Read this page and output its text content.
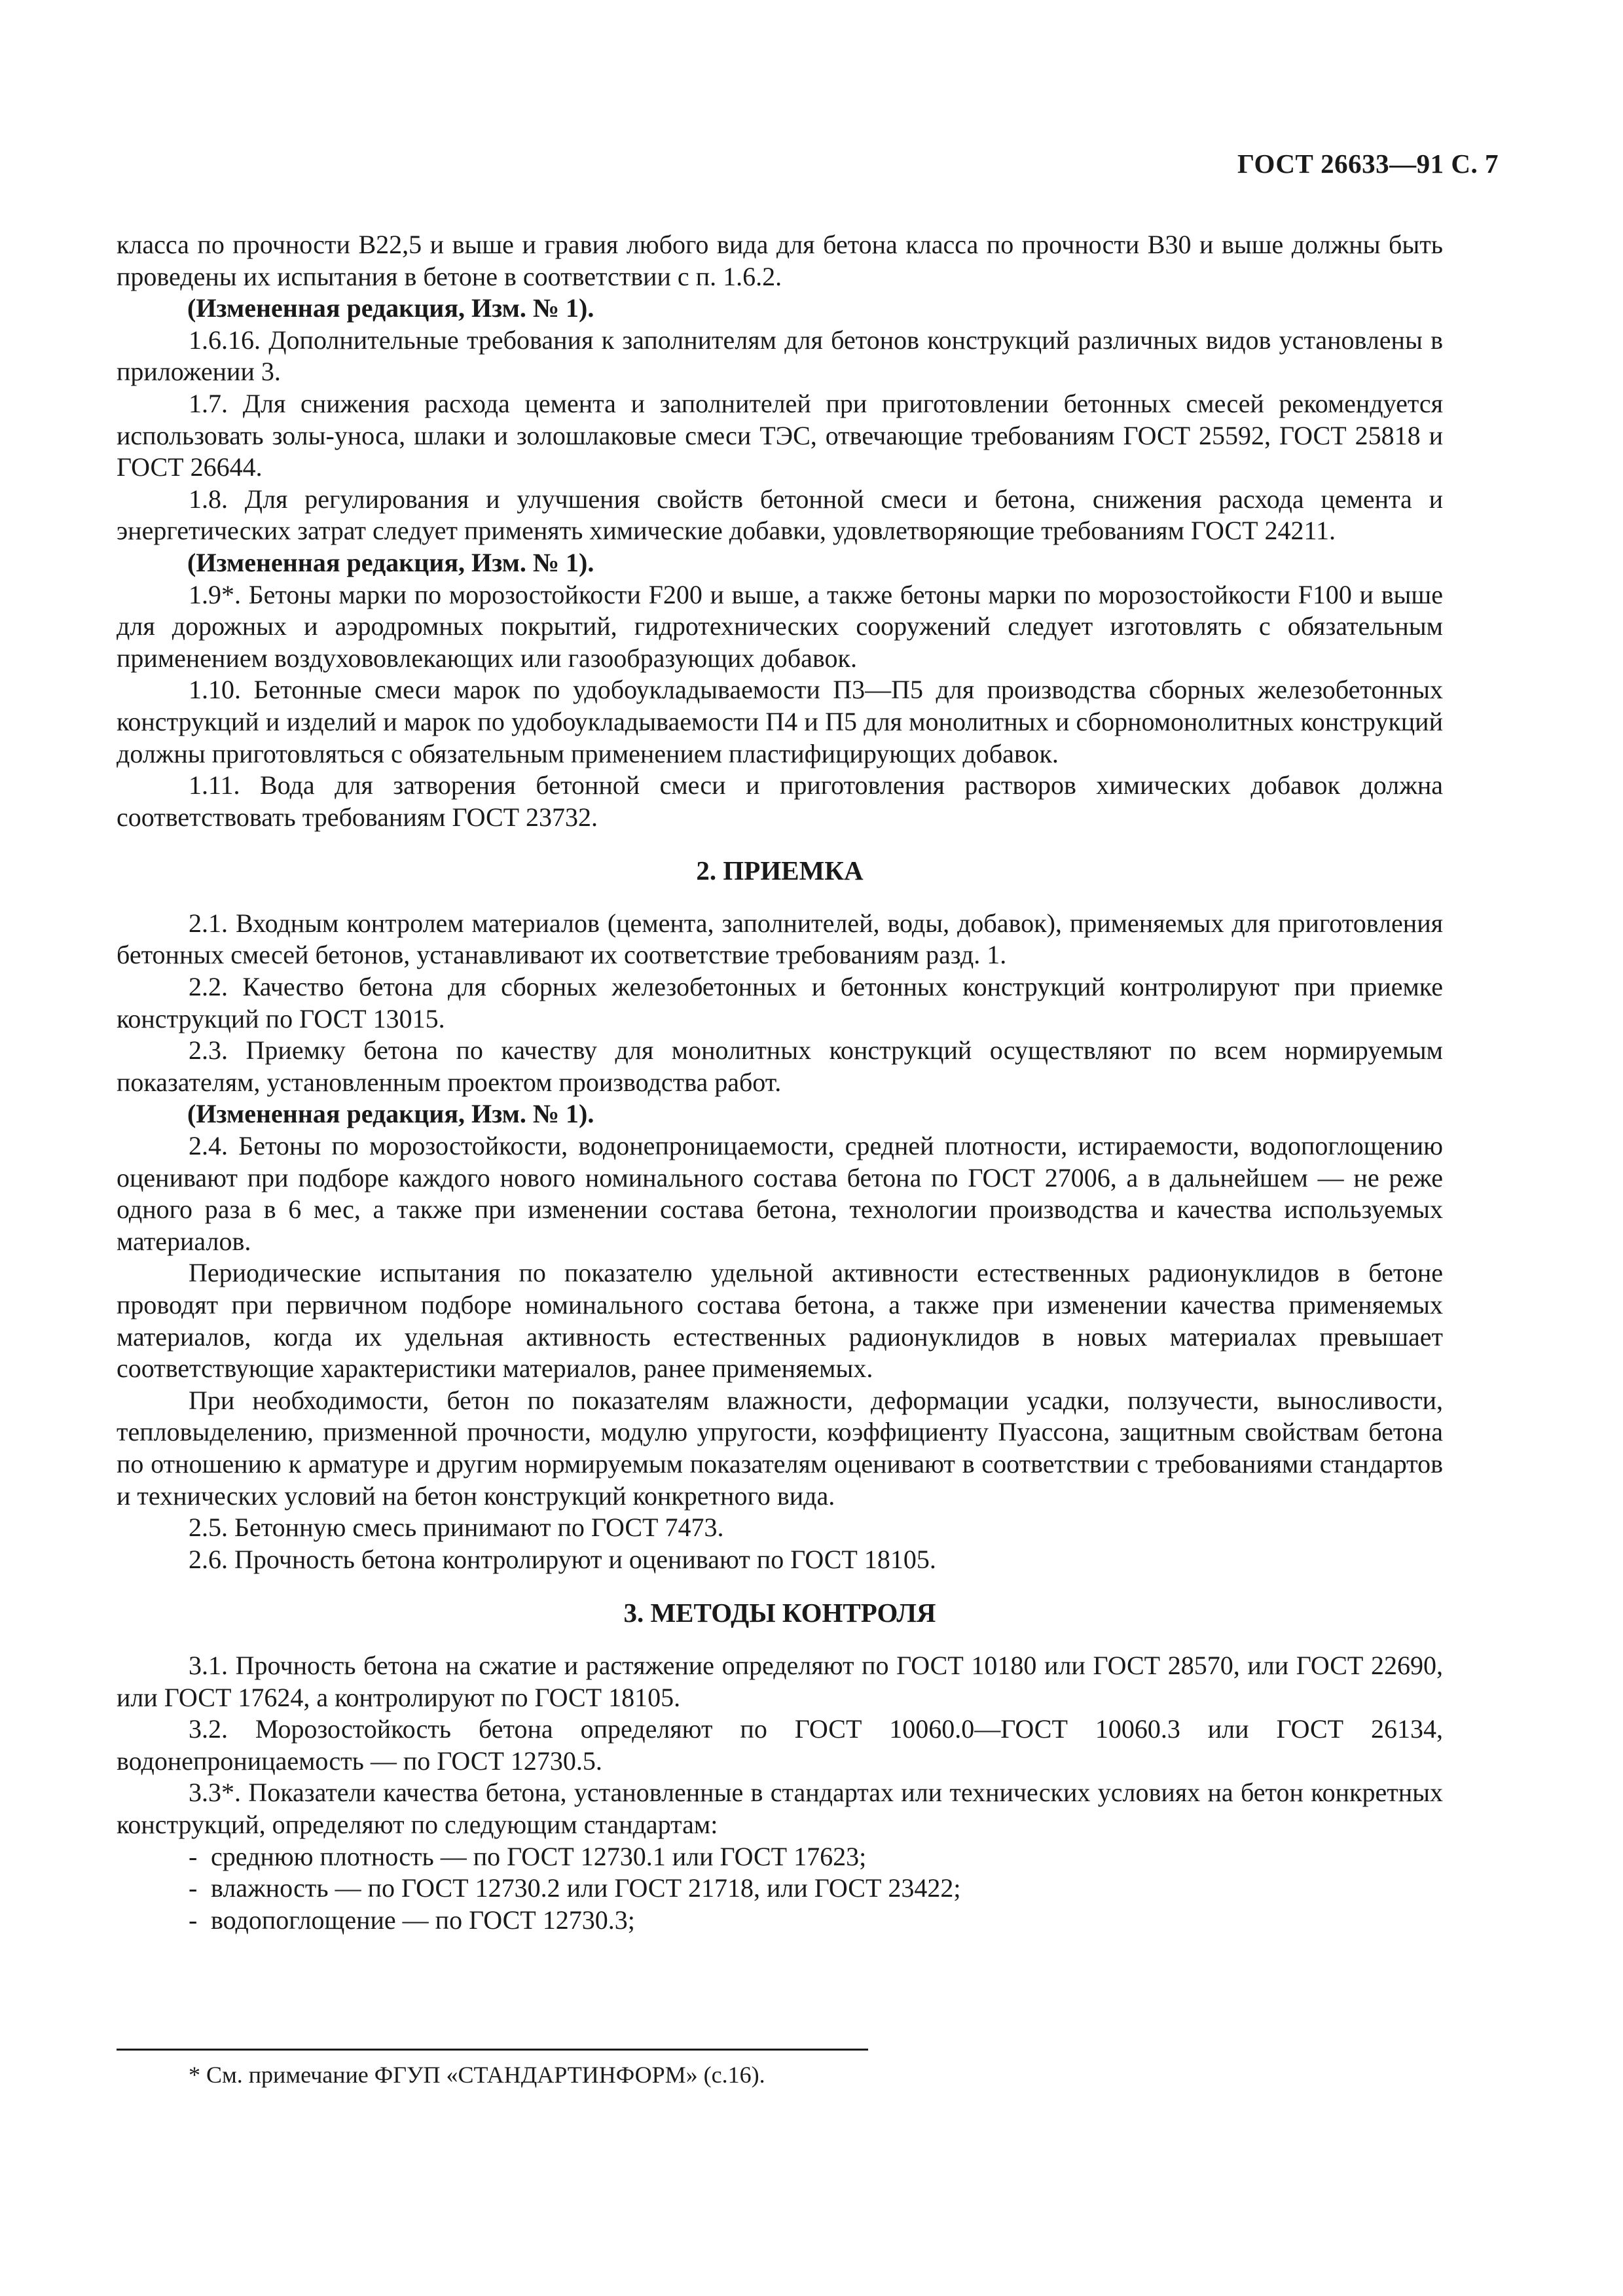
ГОСТ 26633—91 С. 7

класса по прочности В22,5 и выше и гравия любого вида для бетона класса по прочности В30 и выше должны быть проведены их испытания в бетоне в соответствии с п. 1.6.2.

(Измененная редакция, Изм. № 1).

1.6.16. Дополнительные требования к заполнителям для бетонов конструкций различных видов установлены в приложении 3.

1.7. Для снижения расхода цемента и заполнителей при приготовлении бетонных смесей рекомендуется использовать золы-уноса, шлаки и золошлаковые смеси ТЭС, отвечающие требованиям ГОСТ 25592, ГОСТ 25818 и ГОСТ 26644.

1.8. Для регулирования и улучшения свойств бетонной смеси и бетона, снижения расхода цемента и энергетических затрат следует применять химические добавки, удовлетворяющие требованиям ГОСТ 24211.

(Измененная редакция, Изм. № 1).

1.9*. Бетоны марки по морозостойкости F200 и выше, а также бетоны марки по морозостойкости F100 и выше для дорожных и аэродромных покрытий, гидротехнических сооружений следует изготовлять с обязательным применением воздухововлекающих или газообразующих добавок.

1.10. Бетонные смеси марок по удобоукладываемости П3—П5 для производства сборных железобетонных конструкций и изделий и марок по удобоукладываемости П4 и П5 для монолитных и сборномонолитных конструкций должны приготовляться с обязательным применением пластифицирующих добавок.

1.11. Вода для затворения бетонной смеси и приготовления растворов химических добавок должна соответствовать требованиям ГОСТ 23732.

2. ПРИЕМКА

2.1. Входным контролем материалов (цемента, заполнителей, воды, добавок), применяемых для приготовления бетонных смесей бетонов, устанавливают их соответствие требованиям разд. 1.

2.2. Качество бетона для сборных железобетонных и бетонных конструкций контролируют при приемке конструкций по ГОСТ 13015.

2.3. Приемку бетона по качеству для монолитных конструкций осуществляют по всем нормируемым показателям, установленным проектом производства работ.

(Измененная редакция, Изм. № 1).

2.4. Бетоны по морозостойкости, водонепроницаемости, средней плотности, истираемости, водопоглощению оценивают при подборе каждого нового номинального состава бетона по ГОСТ 27006, а в дальнейшем — не реже одного раза в 6 мес, а также при изменении состава бетона, технологии производства и качества используемых материалов.

Периодические испытания по показателю удельной активности естественных радионуклидов в бетоне проводят при первичном подборе номинального состава бетона, а также при изменении качества применяемых материалов, когда их удельная активность естественных радионуклидов в новых материалах превышает соответствующие характеристики материалов, ранее применяемых.

При необходимости, бетон по показателям влажности, деформации усадки, ползучести, выносливости, тепловыделению, призменной прочности, модулю упругости, коэффициенту Пуассона, защитным свойствам бетона по отношению к арматуре и другим нормируемым показателям оценивают в соответствии с требованиями стандартов и технических условий на бетон конструкций конкретного вида.

2.5. Бетонную смесь принимают по ГОСТ 7473.

2.6. Прочность бетона контролируют и оценивают по ГОСТ 18105.

3. МЕТОДЫ КОНТРОЛЯ

3.1. Прочность бетона на сжатие и растяжение определяют по ГОСТ 10180 или ГОСТ 28570, или ГОСТ 22690, или ГОСТ 17624, а контролируют по ГОСТ 18105.

3.2. Морозостойкость бетона определяют по ГОСТ 10060.0—ГОСТ 10060.3 или ГОСТ 26134, водонепроницаемость — по ГОСТ 12730.5.

3.3*. Показатели качества бетона, установленные в стандартах или технических условиях на бетон конкретных конструкций, определяют по следующим стандартам:

- среднюю плотность — по ГОСТ 12730.1 или ГОСТ 17623;

- влажность — по ГОСТ 12730.2 или ГОСТ 21718, или ГОСТ 23422;

- водопоглощение — по ГОСТ 12730.3;

* См. примечание ФГУП «СТАНДАРТИНФОРМ» (с.16).
